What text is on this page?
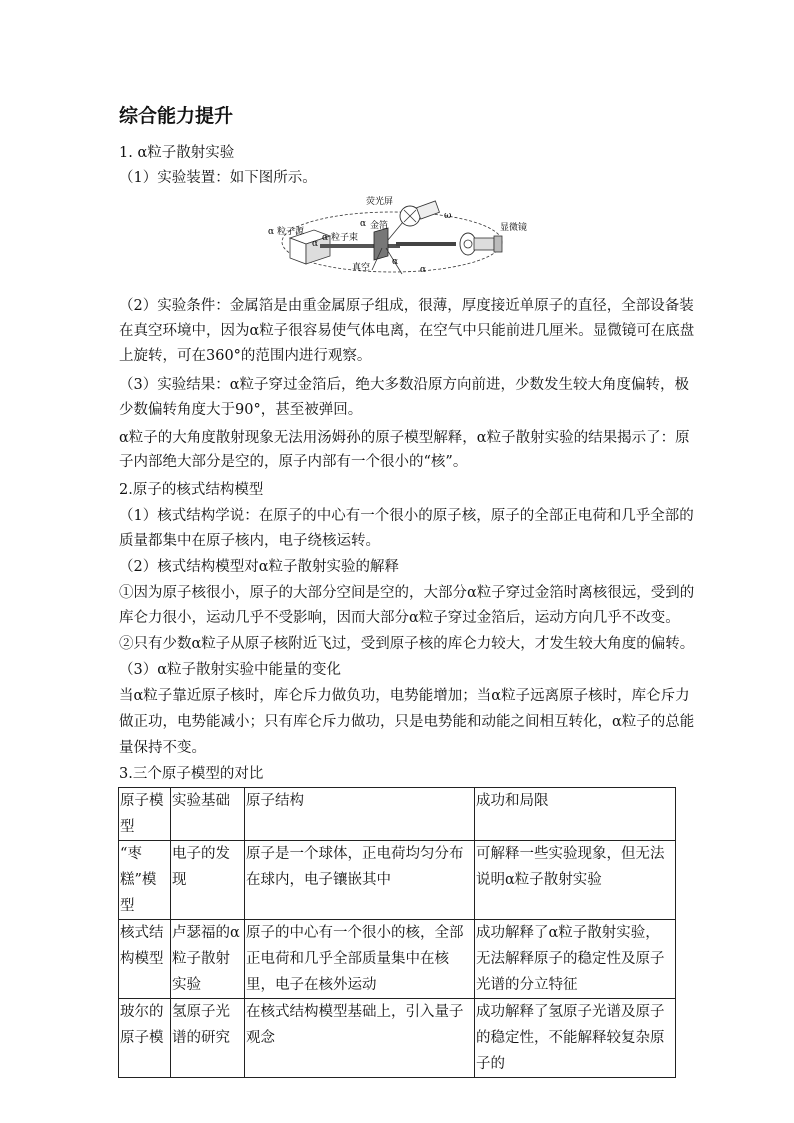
综合能力提升
1. α粒子散射实验
（1）实验装置：如下图所示。
荧光屏
金箔
α 粒子源
α 粒子束
真空
显微镜
α
α
α
α
ω
（2）实验条件：金属箔是由重金属原子组成，很薄，厚度接近单原子的直径，全部设备装
在真空环境中，因为α粒子很容易使气体电离，在空气中只能前进几厘米。显微镜可在底盘
上旋转，可在360°的范围内进行观察。
（3）实验结果：α粒子穿过金箔后，绝大多数沿原方向前进，少数发生较大角度偏转，极
少数偏转角度大于90°，甚至被弹回。
α粒子的大角度散射现象无法用汤姆孙的原子模型解释，α粒子散射实验的结果揭示了：原
子内部绝大部分是空的，原子内部有一个很小的“核”。
2.原子的核式结构模型
（1）核式结构学说：在原子的中心有一个很小的原子核，原子的全部正电荷和几乎全部的
质量都集中在原子核内，电子绕核运转。
（2）核式结构模型对α粒子散射实验的解释
①因为原子核很小，原子的大部分空间是空的，大部分α粒子穿过金箔时离核很远，受到的
库仑力很小，运动几乎不受影响，因而大部分α粒子穿过金箔后，运动方向几乎不改变。
②只有少数α粒子从原子核附近飞过，受到原子核的库仑力较大，才发生较大角度的偏转。
（3）α粒子散射实验中能量的变化
当α粒子靠近原子核时，库仑斥力做负功，电势能增加；当α粒子远离原子核时，库仑斥力
做正功，电势能减小；只有库仑斥力做功，只是电势能和动能之间相互转化，α粒子的总能
量保持不变。
3.三个原子模型的对比
原子模型	实验基础	原子结构	成功和局限
“枣糕”模型	电子的发现	原子是一个球体，正电荷均匀分布在球内，电子镶嵌其中	可解释一些实验现象，但无法说明α粒子散射实验
核式结构模型	卢瑟福的α粒子散射实验	原子的中心有一个很小的核，全部正电荷和几乎全部质量集中在核里，电子在核外运动	成功解释了α粒子散射实验，无法解释原子的稳定性及原子光谱的分立特征
玻尔的原子模	氢原子光谱的研究	在核式结构模型基础上，引入量子观念	成功解释了氢原子光谱及原子的稳定性，不能解释较复杂原子的
